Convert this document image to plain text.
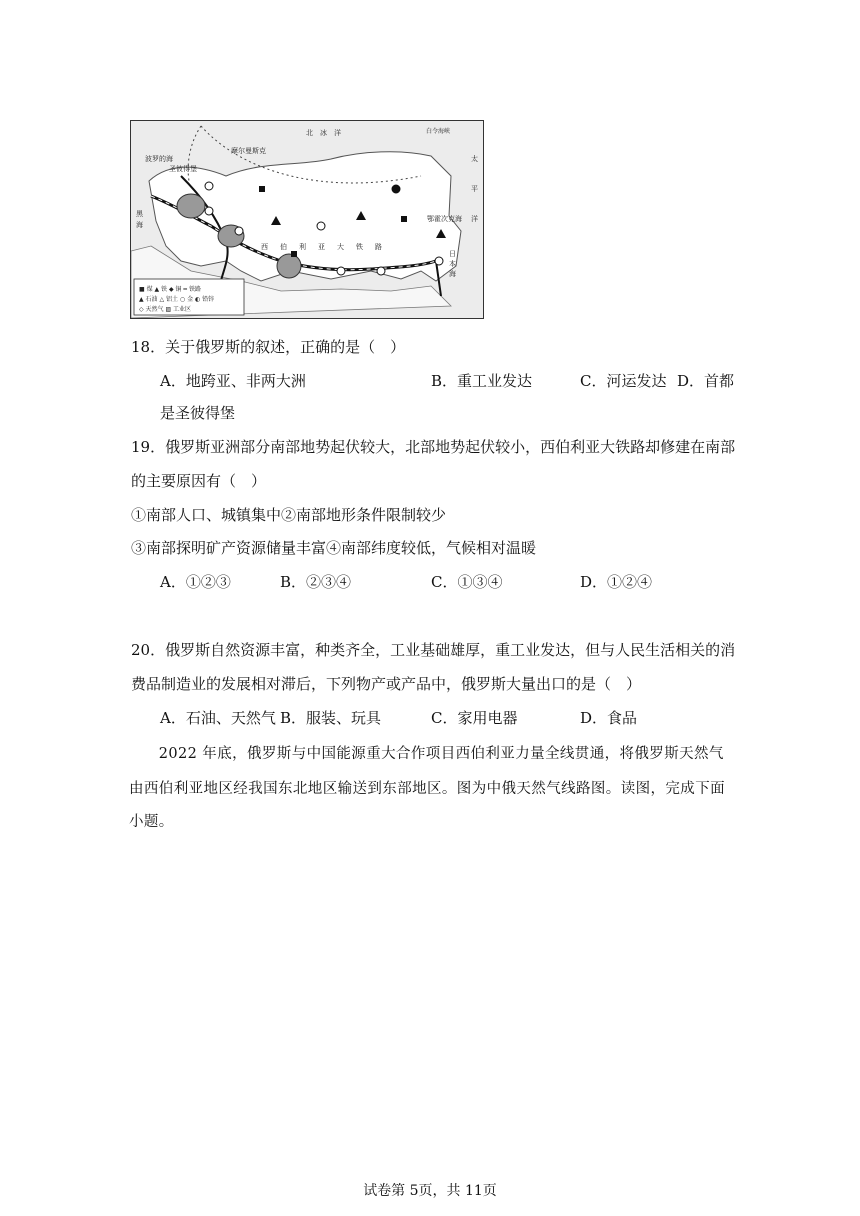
■ 煤 ▲ 铁 ◆ 铜 ━ 铁路
▲ 石油 △ 铝土 ○ 金 ◐ 铅锌
◇ 天然气 ▨ 工业区
北　冰　洋
摩尔曼斯克
波罗的海
圣彼得堡
黑
海
鄂霍次克海
日
本
海
太
平
洋
白令海峡
西伯利亚大铁路
18．关于俄罗斯的叙述，正确的是（　）
A．地跨亚、非两大洲	B．重工业发达	C．河运发达 D．首都
是圣彼得堡
19．俄罗斯亚洲部分南部地势起伏较大，北部地势起伏较小，西伯利亚大铁路却修建在南部
的主要原因有（　）
①南部人口、城镇集中②南部地形条件限制较少
③南部探明矿产资源储量丰富④南部纬度较低，气候相对温暖
A．①②③	B．②③④	C．①③④	D．①②④
20．俄罗斯自然资源丰富，种类齐全，工业基础雄厚，重工业发达，但与人民生活相关的消
费品制造业的发展相对滞后，下列物产或产品中，俄罗斯大量出口的是（　）
A．石油、天然气 B．服装、玩具	C．家用电器	D．食品
　　2022 年底，俄罗斯与中国能源重大合作项目西伯利亚力量全线贯通，将俄罗斯天然气
由西伯利亚地区经我国东北地区输送到东部地区。图为中俄天然气线路图。读图，完成下面
小题。
试卷第 5页，共 11页
